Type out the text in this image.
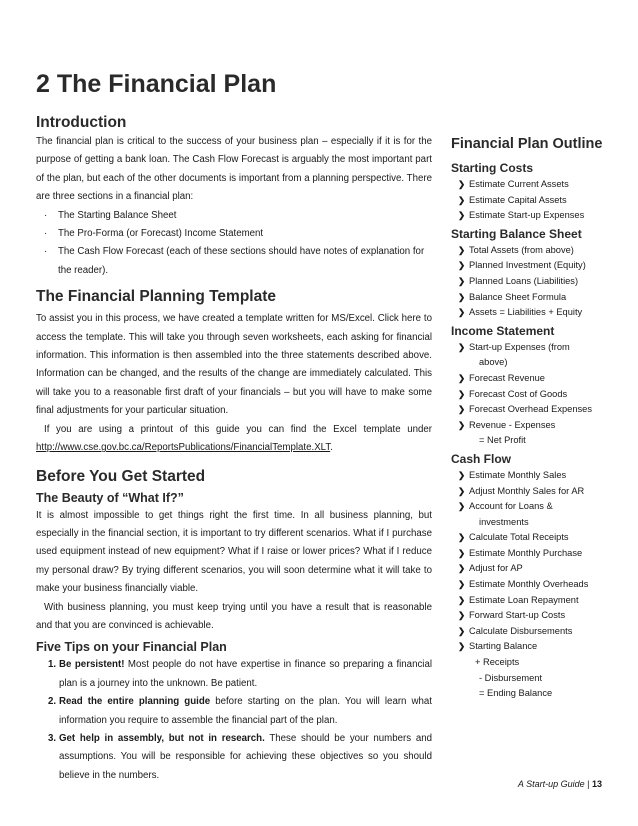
2 The Financial Plan
Introduction

The financial plan is critical to the success of your business plan – especially if it is for the purpose of getting a bank loan. The Cash Flow Forecast is arguably the most important part of the plan, but each of the other documents is important from a planning perspective. There are three sections in a financial plan:

· The Starting Balance Sheet
· The Pro-Forma (or Forecast) Income Statement
· The Cash Flow Forecast (each of these sections should have notes of explanation for the reader).
The Financial Planning Template

To assist you in this process, we have created a template written for MS/Excel. Click here to access the template. This will take you through seven worksheets, each asking for financial information. This information is then assembled into the three statements described above. Information can be changed, and the results of the change are immediately calculated. This will take you to a reasonable first draft of your financials – but you will have to make some final adjustments for your particular situation.

If you are using a printout of this guide you can find the Excel template under http://www.cse.gov.bc.ca/ReportsPublications/FinancialTemplate.XLT.

Before You Get Started
The Beauty of “What If?”

It is almost impossible to get things right the first time. In all business planning, but especially in the financial section, it is important to try different scenarios. What if I purchase used equipment instead of new equipment? What if I raise or lower prices? What if I reduce my personal draw? By trying different scenarios, you will soon determine what it will take to make your business financially viable.

With business planning, you must keep trying until you have a result that is reasonable and that you are convinced is achievable.

Five Tips on your Financial Plan
1. Be persistent! Most people do not have expertise in finance so preparing a financial plan is a journey into the unknown. Be patient.
2. Read the entire planning guide before starting on the plan. You will learn what information you require to assemble the financial part of the plan.
3. Get help in assembly, but not in research. These should be your numbers and assumptions. You will be responsible for achieving these objectives so you should believe in the numbers.
Financial Plan Outline
Starting Costs
❯ Estimate Current Assets
❯ Estimate Capital Assets
❯ Estimate Start-up Expenses
Starting Balance Sheet
❯ Total Assets (from above)
❯ Planned Investment (Equity)
❯ Planned Loans (Liabilities)
❯ Balance Sheet Formula
❯ Assets = Liabilities + Equity
Income Statement
❯ Start-up Expenses (from
above)
❯ Forecast Revenue
❯ Forecast Cost of Goods
❯ Forecast Overhead Expenses
❯ Revenue - Expenses
= Net Profit
Cash Flow
❯ Estimate Monthly Sales
❯ Adjust Monthly Sales for AR
❯ Account for Loans &
investments
❯ Calculate Total Receipts
❯ Estimate Monthly Purchase
❯ Adjust for AP
❯ Estimate Monthly Overheads
❯ Estimate Loan Repayment
❯ Forward Start-up Costs
❯ Calculate Disbursements
❯ Starting Balance
+ Receipts
- Disbursement
= Ending Balance
A Start-up Guide | 13
